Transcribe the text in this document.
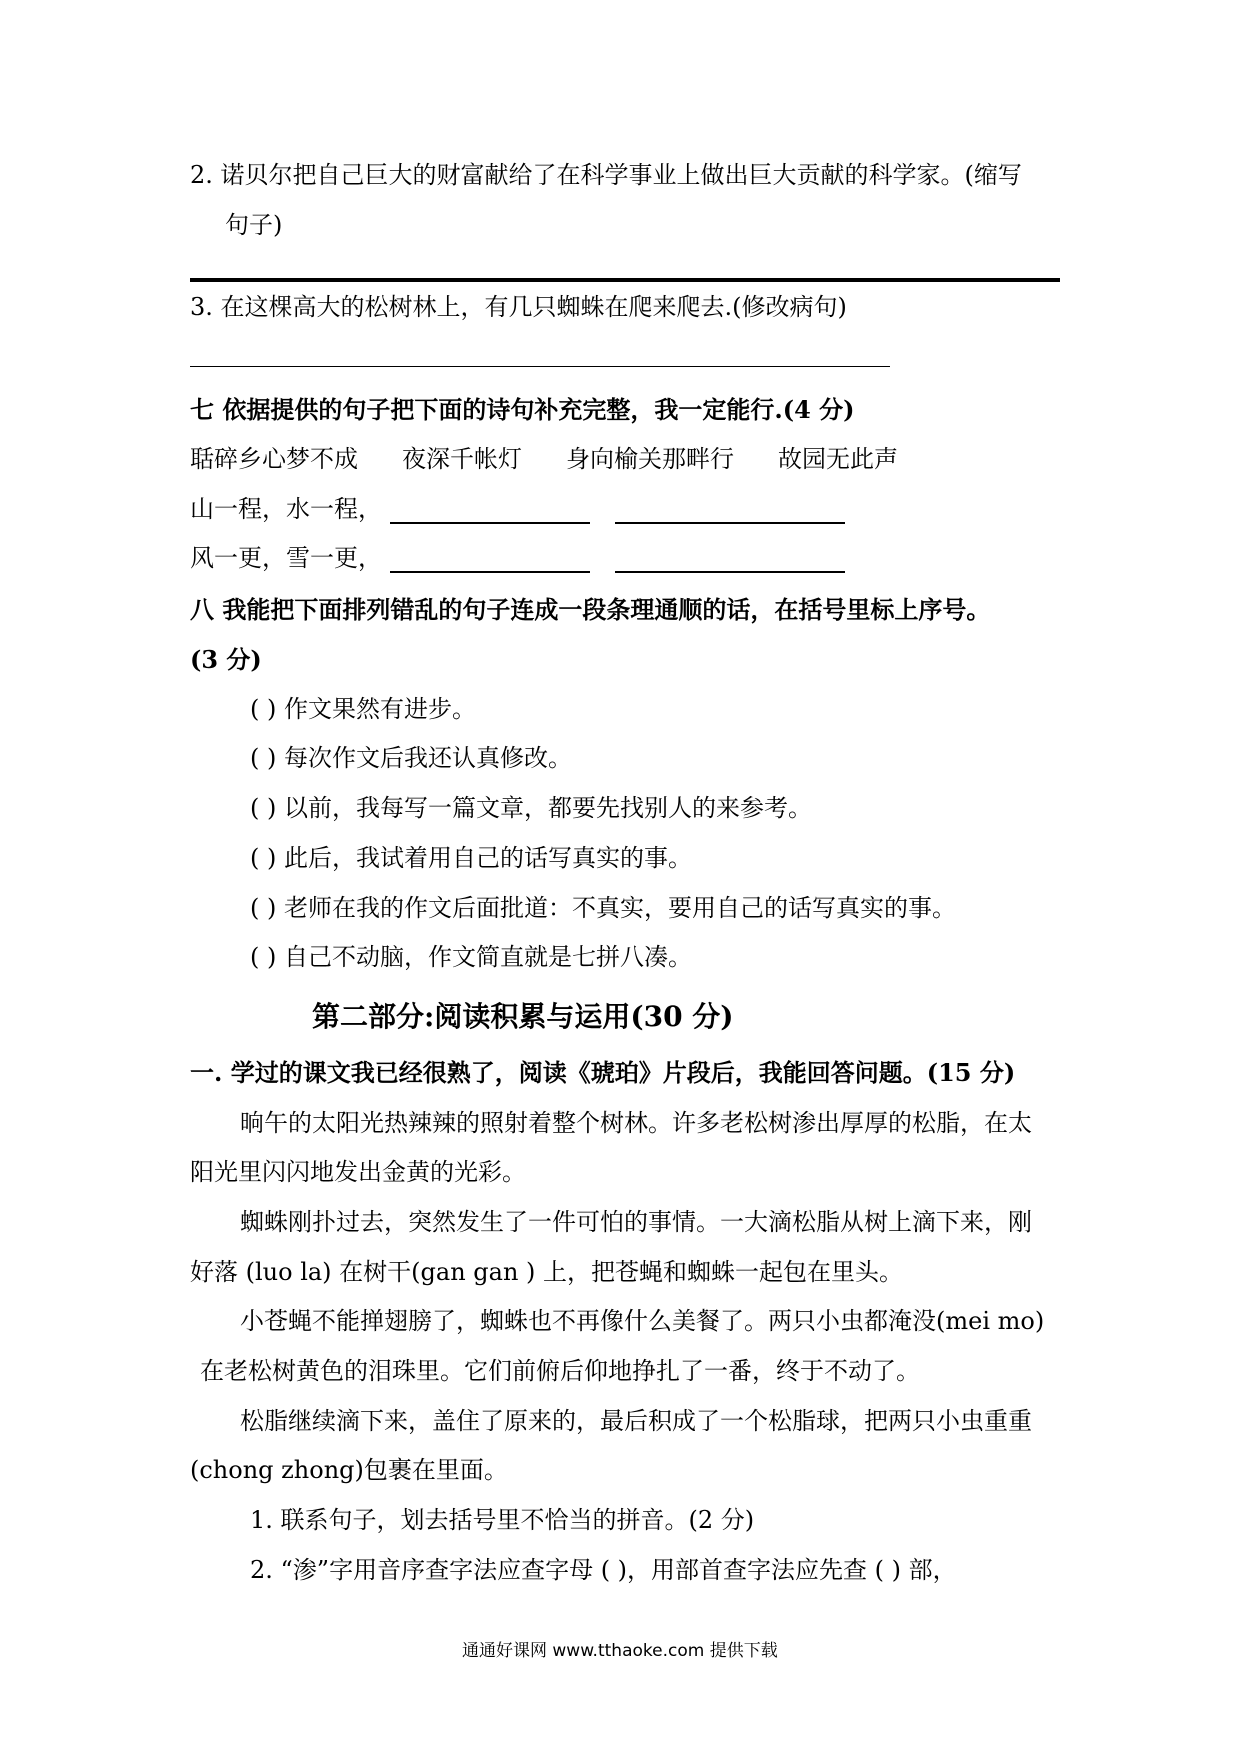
2. 诺贝尔把自己巨大的财富献给了在科学事业上做出巨大贡献的科学家。(缩写
句子)
3. 在这棵高大的松树林上，有几只蜘蛛在爬来爬去.(修改病句)
七 依据提供的句子把下面的诗句补充完整，我一定能行.(4 分)
聒碎乡心梦不成 夜深千帐灯 身向榆关那畔行 故园无此声
山一程，水一程，
风一更，雪一更，
八 我能把下面排列错乱的句子连成一段条理通顺的话，在括号里标上序号。
(3 分)
( ) 作文果然有进步。
( ) 每次作文后我还认真修改。
( ) 以前，我每写一篇文章，都要先找别人的来参考。
( ) 此后，我试着用自己的话写真实的事。
( ) 老师在我的作文后面批道：不真实，要用自己的话写真实的事。
( ) 自己不动脑，作文简直就是七拼八凑。
第二部分:阅读积累与运用(30 分)
一. 学过的课文我已经很熟了，阅读《琥珀》片段后，我能回答问题。(15 分)
晌午的太阳光热辣辣的照射着整个树林。许多老松树渗出厚厚的松脂，在太
阳光里闪闪地发出金黄的光彩。
蜘蛛刚扑过去，突然发生了一件可怕的事情。一大滴松脂从树上滴下来，刚
好落 (luo la) 在树干(gan gan ) 上，把苍蝇和蜘蛛一起包在里头。
小苍蝇不能掸翅膀了，蜘蛛也不再像什么美餐了。两只小虫都淹没(mei mo)
在老松树黄色的泪珠里。它们前俯后仰地挣扎了一番，终于不动了。
松脂继续滴下来，盖住了原来的，最后积成了一个松脂球，把两只小虫重重
(chong zhong)包裹在里面。
1. 联系句子，划去括号里不恰当的拼音。(2 分)
2. “渗”字用音序查字法应查字母 ( )，用部首查字法应先查 ( ) 部，
通通好课网 www.tthaoke.com 提供下载
